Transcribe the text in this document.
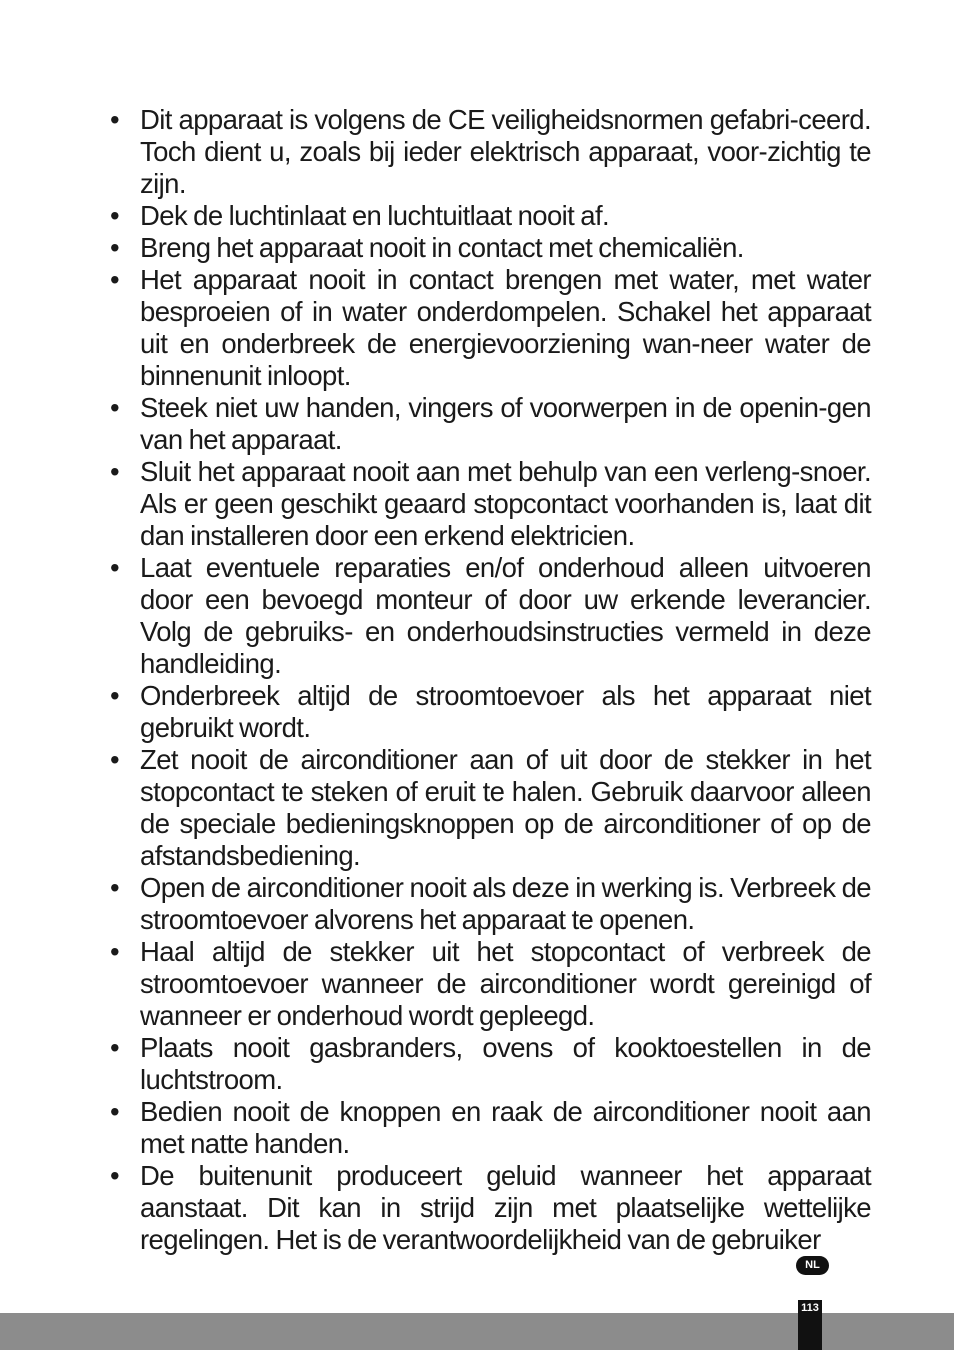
• Dit apparaat is volgens de CE veiligheidsnormen gefabri-ceerd. Toch dient u, zoals bij ieder elektrisch apparaat, voor-zichtig te zijn.
• Dek de luchtinlaat en luchtuitlaat nooit af.
• Breng het apparaat nooit in contact met chemicaliën.
• Het apparaat nooit in contact brengen met water, met water besproeien of in water onderdompelen. Schakel het apparaat uit en onderbreek de energievoorziening wan-neer water de binnenunit inloopt.
• Steek niet uw handen, vingers of voorwerpen in de openin-gen van het apparaat.
• Sluit het apparaat nooit aan met behulp van een verleng-snoer. Als er geen geschikt geaard stopcontact voorhanden is, laat dit dan installeren door een erkend elektricien.
• Laat eventuele reparaties en/of onderhoud alleen uitvoeren door een bevoegd monteur of door uw erkende leverancier. Volg de gebruiks- en onderhoudsinstructies vermeld in deze handleiding.
• Onderbreek altijd de stroomtoevoer als het apparaat niet gebruikt wordt.
• Zet nooit de airconditioner aan of uit door de stekker in het stopcontact te steken of eruit te halen. Gebruik daarvoor alleen de speciale bedieningsknoppen op de airconditioner of op de afstandsbediening.
• Open de airconditioner nooit als deze in werking is. Verbreek de stroomtoevoer alvorens het apparaat te openen.
• Haal altijd de stekker uit het stopcontact of verbreek de stroomtoevoer wanneer de airconditioner wordt gereinigd of wanneer er onderhoud wordt gepleegd.
• Plaats nooit gasbranders, ovens of kooktoestellen in de luchtstroom.
• Bedien nooit de knoppen en raak de airconditioner nooit aan met natte handen.
• De buitenunit produceert geluid wanneer het apparaat aanstaat. Dit kan in strijd zijn met plaatselijke wettelijke regelingen. Het is de verantwoordelijkheid van de gebruiker
NL
113
